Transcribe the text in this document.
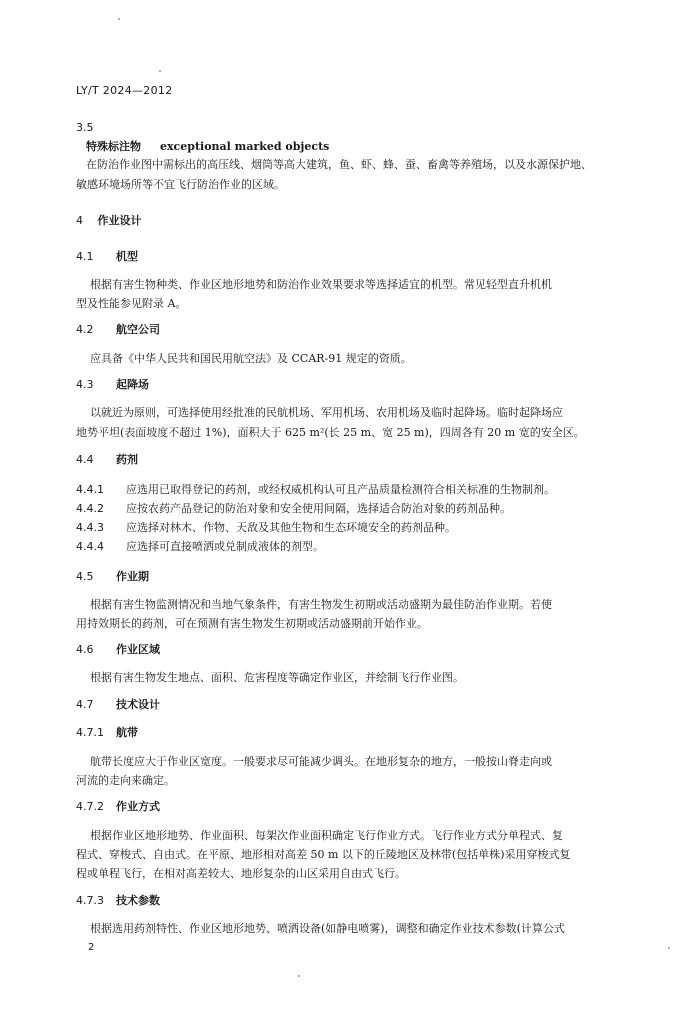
LY/T 2024—2012
3.5
特殊标注物 exceptional marked objects
在防治作业图中需标出的高压线、烟筒等高大建筑，鱼、虾、蜂、蚕、畜禽等养殖场，以及水源保护地、
敏感环境场所等不宜飞行防治作业的区域。
4 作业设计
4.1 机型
根据有害生物种类、作业区地形地势和防治作业效果要求等选择适宜的机型。常见轻型直升机机
型及性能参见附录 A。
4.2 航空公司
应具备《中华人民共和国民用航空法》及 CCAR-91 规定的资质。
4.3 起降场
以就近为原则，可选择使用经批准的民航机场、军用机场、农用机场及临时起降场。临时起降场应
地势平坦(表面坡度不超过 1%)，面积大于 625 m²(长 25 m、宽 25 m)，四周各有 20 m 宽的安全区。
4.4 药剂
4.4.1 应选用已取得登记的药剂，或经权威机构认可且产品质量检测符合相关标准的生物制剂。
4.4.2 应按农药产品登记的防治对象和安全使用间隔，选择适合防治对象的药剂品种。
4.4.3 应选择对林木、作物、天敌及其他生物和生态环境安全的药剂品种。
4.4.4 应选择可直接喷洒或兑制成液体的剂型。
4.5 作业期
根据有害生物监测情况和当地气象条件，有害生物发生初期或活动盛期为最佳防治作业期。若使
用持效期长的药剂，可在预测有害生物发生初期或活动盛期前开始作业。
4.6 作业区域
根据有害生物发生地点、面积、危害程度等确定作业区，并绘制飞行作业图。
4.7 技术设计
4.7.1 航带
航带长度应大于作业区宽度。一般要求尽可能减少调头。在地形复杂的地方，一般按山脊走向或
河流的走向来确定。
4.7.2 作业方式
根据作业区地形地势、作业面积、每架次作业面积确定飞行作业方式。飞行作业方式分单程式、复
程式、穿梭式、自由式。在平原、地形相对高差 50 m 以下的丘陵地区及林带(包括单株)采用穿梭式复
程或单程飞行，在相对高差较大、地形复杂的山区采用自由式飞行。
4.7.3 技术参数
根据选用药剂特性、作业区地形地势、喷洒设备(如静电喷雾)，调整和确定作业技术参数(计算公式
2
